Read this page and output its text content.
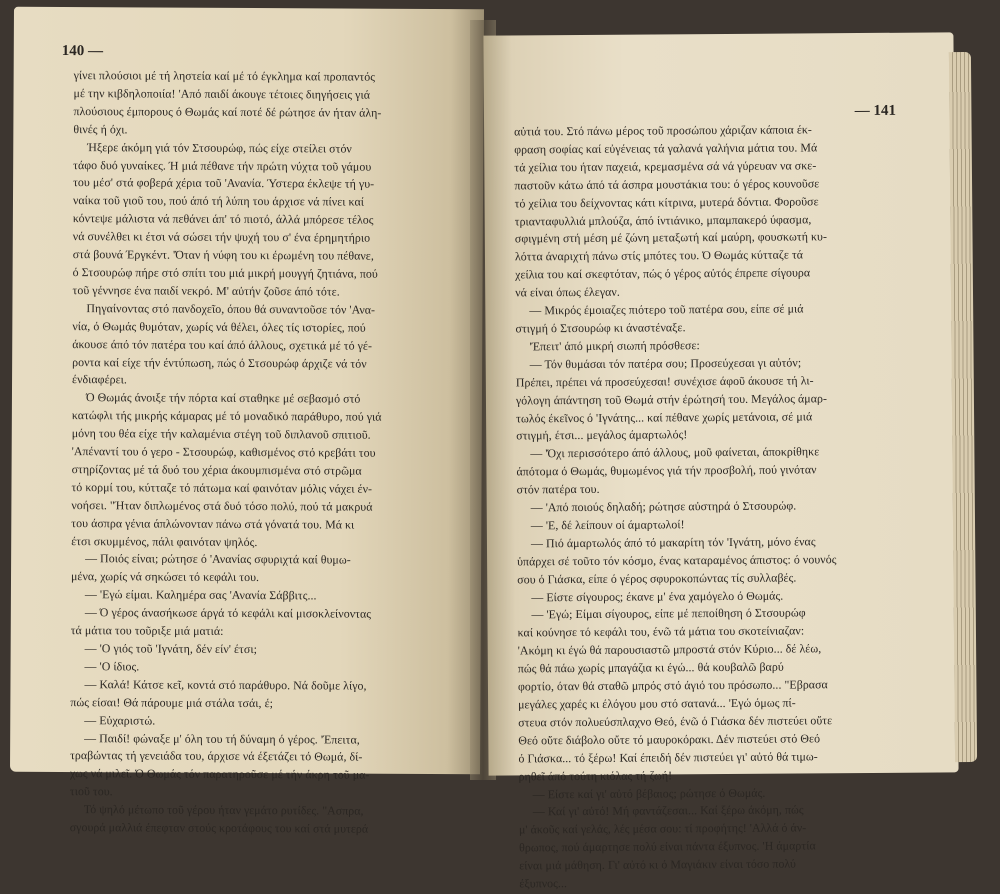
140 —
γίνει πλούσιοι μέ τή ληστεία καί μέ τό έγκλημα καί προπαντός
μέ την κιβδηλοποιία! 'Από παιδί άκουγε τέτοιες διηγήσεις γιά
πλούσιους έμπορους ό Θωμάς καί ποτέ δέ ρώτησε άν ήταν άλη-
θινές ή όχι.
Ήξερε άκόμη γιά τόν Στσουρώφ, πώς είχε στείλει στόν
τάφο δυό γυναίκες. Ή μιά πέθανε τήν πρώτη νύχτα τοῦ γάμου
του μέσ' στά φοβερά χέρια τοῦ 'Ανανία. Ύστερα έκλεψε τή γυ-
ναίκα τοῦ γιοῦ του, πού άπό τή λύπη του άρχισε νά πίνει καί
κόντεψε μάλιστα νά πεθάνει άπ' τό πιοτό, άλλά μπόρεσε τέλος
νά συνέλθει κι έτσι νά σώσει τήν ψυχή του σ' ένα έρημητήριο
στά βουνά Έργκέντ. 'Όταν ή νύφη του κι έρωμένη του πέθανε,
ό Στσουρώφ πήρε στό σπίτι του μιά μικρή μουγγή ζητιάνα, πού
τοῦ γέννησε ένα παιδί νεκρό. Μ' αὐτήν ζοῦσε άπό τότε.
Πηγαίνοντας στό πανδοχεῖο, όπου θά συναντοῦσε τόν 'Ανα-
νία, ό Θωμάς θυμόταν, χωρίς νά θέλει, όλες τίς ιστορίες, πού
άκουσε άπό τόν πατέρα του καί άπό άλλους, σχετικά μέ τό γέ-
ροντα καί είχε τήν έντύπωση, πώς ό Στσουρώφ άρχιζε νά τόν
ένδιαφέρει.
Ό Θωμάς άνοιξε τήν πόρτα καί σταθηκε μέ σεβασμό στό
κατώφλι τής μικρής κάμαρας μέ τό μοναδικό παράθυρο, πού γιά
μόνη του θέα είχε τήν καλαμένια στέγη τοῦ διπλανοῦ σπιτιοῦ.
'Απέναντί του ό γερο - Στσουρώφ, καθισμένος στό κρεβάτι του
στηρίζοντας μέ τά δυό του χέρια άκουμπισμένα στό στρῶμα
τό κορμί του, κύτταζε τό πάτωμα καί φαινόταν μόλις νάχει έν-
νοήσει. "Ήταν διπλωμένος στά δυό τόσο πολύ, πού τά μακρυά
του άσπρα γένια άπλώνονταν πάνω στά γόνατά του. Μά κι
έτσι σκυμμένος, πάλι φαινόταν ψηλός.
— Ποιός είναι; ρώτησε ό 'Ανανίας σφυριχτά καί θυμω-
μένα, χωρίς νά σηκώσει τό κεφάλι του.
— 'Εγώ είμαι. Καλημέρα σας 'Ανανία Σάββιτς...
— Ό γέρος άνασήκωσε άργά τό κεφάλι καί μισοκλείνοντας
τά μάτια του τοῦριξε μιά ματιά:
— 'Ο γιός τοῦ 'Ιγνάτη, δέν είν' έτσι;
— 'Ο ίδιος.
— Καλά! Κάτσε κεῖ, κοντά στό παράθυρο. Νά δοῦμε λίγο,
πώς είσαι! Θά πάρουμε μιά στάλα τσάι, έ;
— Εὐχαριστώ.
— Παιδί! φώναξε μ' όλη του τή δύναμη ό γέρος. 'Έπειτα,
τραβώντας τή γενειάδα του, άρχισε νά έξετάζει τό Θωμά, δί-
χως νά μιλεῖ. Ό Θωμάς τόν παρατηροῦσε μέ τήν άκρη τοῦ μα-
τιοῦ του.
Τό ψηλό μέτωπο τοῦ γέρου ήταν γεμάτο ρυτίδες. "Ασπρα,
σγουρά μαλλιά έπεφταν στούς κροτάφους του καί στά μυτερά
— 141
αὐτιά του. Στό πάνω μέρος τοῦ προσώπου χάριζαν κάποια έκ-
φραση σοφίας καί εὐγένειας τά γαλανά γαλήνια μάτια του. Μά
τά χείλια του ήταν παχειά, κρεμασμένα σά νά γύρευαν να σκε-
παστοῦν κάτω άπό τά άσπρα μουστάκια του: ό γέρος κουνοῦσε
τό χείλια του δείχνοντας κάτι κίτρινα, μυτερά δόντια. Φοροῦσε
τριανταφυλλιά μπλούζα, άπό ίντιάνικο, μπαμπακερό ύφασμα,
σφιγμένη στή μέση μέ ζώνη μεταξωτή καί μαύρη, φουσκωτή κυ-
λόττα άναριχτή πάνω στίς μπότες του. Ό Θωμάς κύτταζε τά
χείλια του καί σκεφτόταν, πώς ό γέρος αὐτός έπρεπε σίγουρα
νά είναι όπως έλεγαν.
— Μικρός έμοιαζες πιότερο τοῦ πατέρα σου, είπε σέ μιά
στιγμή ό Στσουρώφ κι άναστέναξε.
'Έπειτ' άπό μικρή σιωπή πρόσθεσε:
— Τόν θυμάσαι τόν πατέρα σου; Προσεύχεσαι γι αὐτόν;
Πρέπει, πρέπει νά προσεύχεσαι! συνέχισε άφοῦ άκουσε τή λι-
γόλογη άπάντηση τοῦ Θωμά στήν έρώτησή του. Μεγάλος άμαρ-
τωλός έκεῖνος ό 'Ιγνάτης... καί πέθανε χωρίς μετάνοια, σέ μιά
στιγμή, έτσι... μεγάλος άμαρτωλός!
— 'Όχι περισσότερο άπό άλλους, μοῦ φαίνεται, άποκρίθηκε
άπότομα ό Θωμάς, θυμωμένος γιά τήν προσβολή, πού γινόταν
στόν πατέρα του.
— 'Από ποιούς δηλαδή; ρώτησε αὐστηρά ό Στσουρώφ.
— 'Ε, δέ λείπουν οί άμαρτωλοί!
— Πιό άμαρτωλός άπό τό μακαρίτη τόν 'Ιγνάτη, μόνο ένας
ὑπάρχει σέ τοῦτο τόν κόσμο, ένας καταραμένος άπιστος: ό νουνός
σου ό Γιάσκα, είπε ό γέρος σφυροκοπώντας τίς συλλαβές.
— Είστε σίγουρος; έκανε μ' ένα χαμόγελο ό Θωμάς.
— 'Εγώ; Είμαι σίγουρος, είπε μέ πεποίθηση ό Στσουρώφ
καί κούνησε τό κεφάλι του, ένῶ τά μάτια του σκοτείνιαζαν:
'Ακόμη κι έγώ θά παρουσιαστῶ μπροστά στόν Κύριο... δέ λέω,
πώς θά πάω χωρίς μπαγάζια κι έγώ... θά κουβαλῶ βαρύ
φορτίο, όταν θά σταθῶ μπρός στό άγιό του πρόσωπο... "Εβρασα
μεγάλες χαρές κι έλόγου μου στό σατανά... 'Εγώ όμως πί-
στευα στόν πολυεύσπλαχνο Θεό, ένῶ ό Γιάσκα δέν πιστεύει οὔτε
Θεό οὔτε διάβολο οὔτε τό μαυροκόρακι. Δέν πιστεύει στό Θεό
ό Γιάσκα... τό ξέρω! Καί έπειδή δέν πιστεύει γι' αὐτό θά τιμω-
ρηθεῖ άπό τούτη κιόλας τή ζωή!
— Είστε καί γι' αὐτό βέβαιος; ρώτησε ό Θωμάς.
— Καί γι' αὐτό! Μή φαντάζεσαι... Καί ξέρω άκόμη, πώς
μ' άκοῦς καί γελάς, λές μέσα σου: τί προφήτης! 'Αλλά ό άν-
θρωπος, πού άμαρτησε πολύ είναι πάντα έξυπνος. 'Η άμαρτία
είναι μιά μάθηση. Γι' αὐτό κι ό Μαγιάκιν είναι τόσο πολύ
έξυπνος...
